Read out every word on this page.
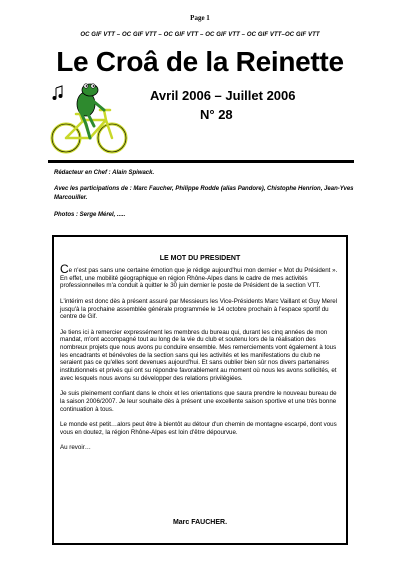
Page 1
OC GIF VTT – OC GIF VTT – OC GIF VTT – OC GIF VTT – OC GIF VTT–OC GIF VTT
Le Croâ de la Reinette
Avril 2006 – Juillet 2006
N° 28
Rédacteur en Chef : Alain Spiwack.
Avec les participations de : Marc Faucher, Philippe Rodde (alias Pandore), Chistophe Henrion, Jean-Yves Marcouiller.
Photos : Serge Mérel, .....
LE MOT DU PRESIDENT

Ce n'est pas sans une certaine émotion que je rédige aujourd'hui mon dernier « Mot du Président ». En effet, une mobilité géographique en région Rhône-Alpes dans le cadre de mes activités professionnelles m'a conduit à quitter le 30 juin dernier le poste de Président de la section VTT.

L'intérim est donc dès à présent assuré par Messieurs les Vice-Présidents Marc Vaillant et Guy Merel jusqu'à la prochaine assemblée générale programmée le 14 octobre prochain à l'espace sportif du centre de Gif.

Je tiens ici à remercier expressément les membres du bureau qui, durant les cinq années de mon mandat, m'ont accompagné tout au long de la vie du club et soutenu lors de la réalisation des nombreux projets que nous avons pu conduire ensemble. Mes remerciements vont également à tous les encadrants et bénévoles de la section sans qui les activités et les manifestations du club ne seraient pas ce qu'elles sont devenues aujourd'hui. Et sans oublier bien sûr nos divers partenaires institutionnels et privés qui ont su répondre favorablement au moment où nous les avons sollicités, et avec lesquels nous avons su développer des relations privilégiées.

Je suis pleinement confiant dans le choix et les orientations que saura prendre le nouveau bureau de la saison 2006/2007. Je leur souhaite dès à présent une excellente saison sportive et une très bonne continuation à tous.

Le monde est petit…alors peut être à bientôt au détour d'un chemin de montagne escarpé, dont vous vous en doutez, la région Rhône-Alpes est loin d'être dépourvue.

Au revoir…

Marc FAUCHER.
